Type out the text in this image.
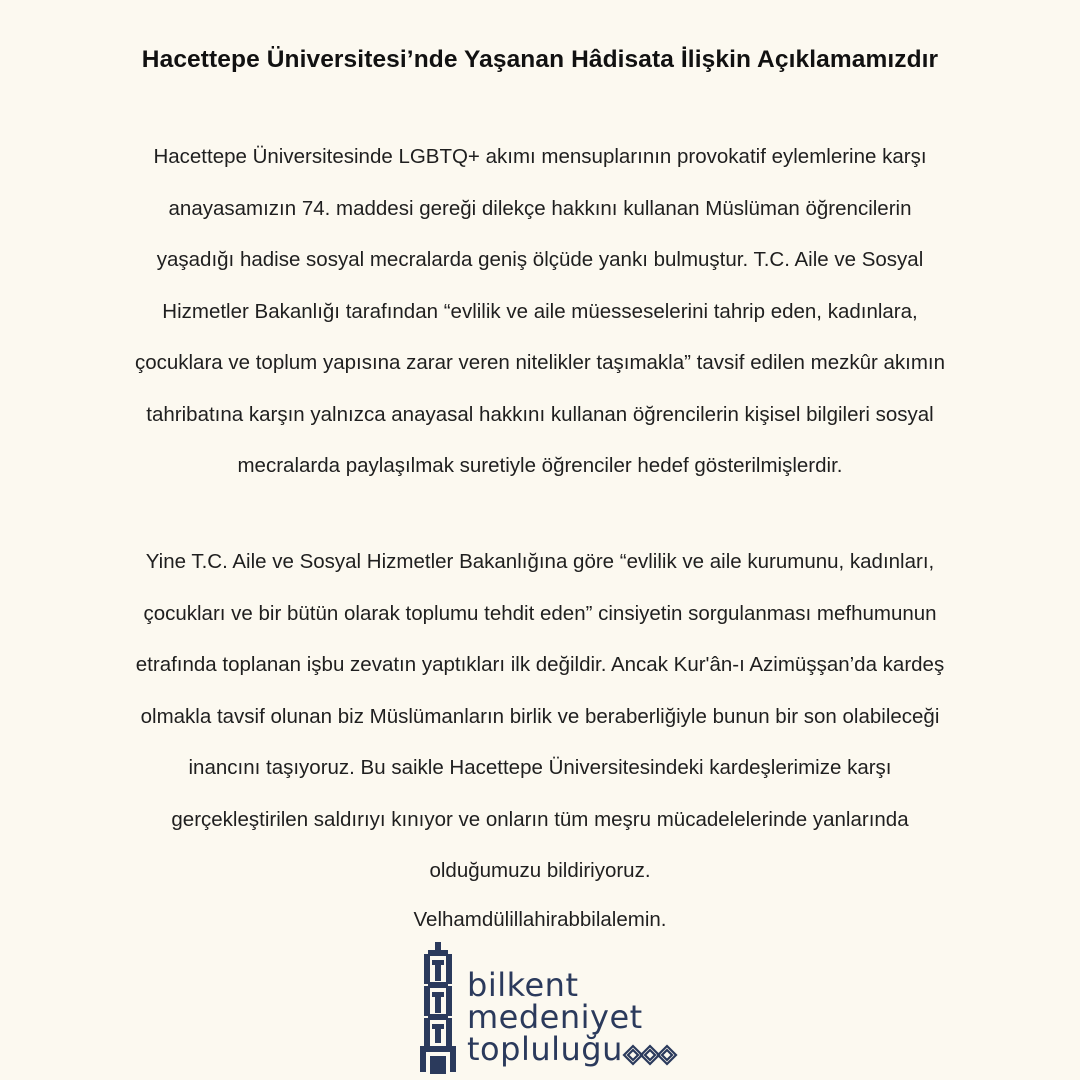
Hacettepe Üniversitesi’nde Yaşanan Hâdisata İlişkin Açıklamamızdır
Hacettepe Üniversitesinde LGBTQ+ akımı mensuplarının provokatif eylemlerine karşı
anayasamızın 74. maddesi gereği dilekçe hakkını kullanan Müslüman öğrencilerin
yaşadığı hadise sosyal mecralarda geniş ölçüde yankı bulmuştur. T.C. Aile ve Sosyal
Hizmetler Bakanlığı tarafından “evlilik ve aile müesseselerini tahrip eden, kadınlara,
çocuklara ve toplum yapısına zarar veren nitelikler taşımakla” tavsif edilen mezkûr akımın
tahribatına karşın yalnızca anayasal hakkını kullanan öğrencilerin kişisel bilgileri sosyal
mecralarda paylaşılmak suretiyle öğrenciler hedef gösterilmişlerdir.
Yine T.C. Aile ve Sosyal Hizmetler Bakanlığına göre “evlilik ve aile kurumunu, kadınları,
çocukları ve bir bütün olarak toplumu tehdit eden” cinsiyetin sorgulanması mefhumunun
etrafında toplanan işbu zevatın yaptıkları ilk değildir. Ancak Kur'ân-ı Azimüşşan’da kardeş
olmakla tavsif olunan biz Müslümanların birlik ve beraberliğiyle bunun bir son olabileceği
inancını taşıyoruz. Bu saikle Hacettepe Üniversitesindeki kardeşlerimize karşı
gerçekleştirilen saldırıyı kınıyor ve onların tüm meşru mücadelelerinde yanlarında
olduğumuzu bildiriyoruz.
Velhamdülillahirabbilalemin.
bilkent
medeniyet
topluluğu
